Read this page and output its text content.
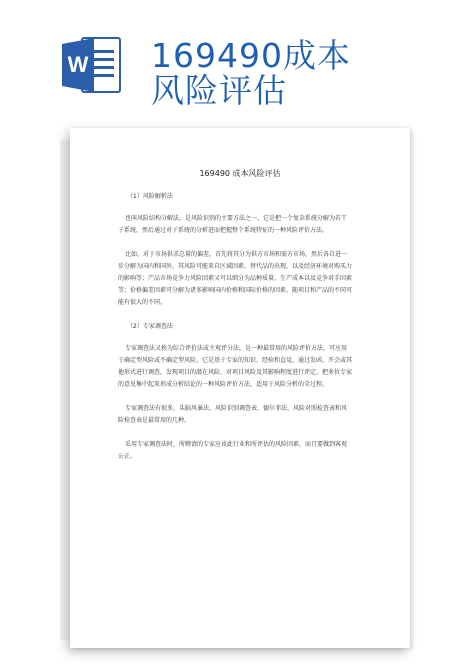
W 169490成本
风险评估
169490 成本风险评估
（1）风险解析法
也叫风险结构分解法，是风险识别的主要方法之一，它是把一个复杂系统分解为若干
子系统，然后通过对子系统的分析进而把握整个系统特征的一种风险评价方法。
比如，对于市场供求总量的偏差，首先将其分为供方市场和需方市场，然后各自进一
步分解为国内和国外，其风险可能来自区域因素、替代品的出现，以及经济环境对购买力
的影响等；产品市场竞争力风险因素又可以细分为品种质量、生产成本以及竞争对手因素
等；价格偏差因素可分解为诸多影响国内价格和国际价格的因素，随项目和产品的不同可
能有很大的不同。
（2）专家调查法
专家调查法又称为综合评价法或主观评分法，是一种最常用的风险评价方法，可应用
于确定型风险或不确定型风险。它是基于专家的知识、经验和直觉，通过发函、开会或其
他形式进行调查，发现项目的潜在风险，对项目风险及其影响程度进行评定，把多位专家
的意见集中起来形成分析结论的一种风险评价方法，适用于风险分析的全过程。
专家调查法有很多，头脑风暴法、风险识别调查表、德尔菲法、风险对照检查表和风
险检查表是最常用的几种。
采用专家调查法时，所聘请的专家应该此行业和所评估的风险因素，而且要做到客观
公正。
